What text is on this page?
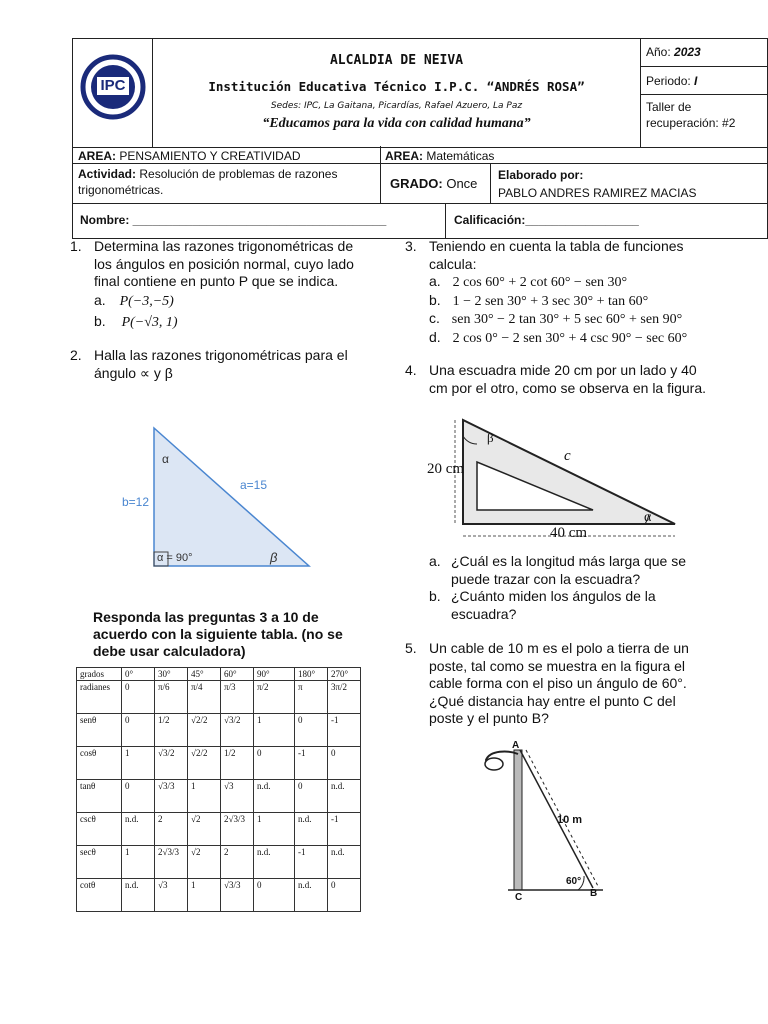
IPC
ALCALDIA DE NEIVA
Institución Educativa Técnico I.P.C. “ANDRÉS ROSA”
Sedes: IPC, La Gaitana, Picardías, Rafael Azuero, La Paz
“Educamos para la vida con calidad humana”
Año: 2023
Periodo: I
Taller de recuperación: #2
AREA: PENSAMIENTO Y CREATIVIDAD	AREA: Matemáticas
Actividad: Resolución de problemas de razones
trigonométricas.	GRADO: Once
Elaborado por:
PABLO ANDRES RAMIREZ MACIAS
Nombre: ______________________________________	Calificación:_________________
1. Determina las razones trigonométricas de
los ángulos en posición normal, cuyo lado
final contiene en punto P que se indica.
a. P(−3,−5)
b. P(−√3, 1)
2. Halla las razones trigonométricas para el
ángulo ∝ y β
α
a=15
b=12
α = 90°	β
Responda las preguntas 3 a 10 de
acuerdo con la siguiente tabla. (no se
debe usar calculadora)
grados	0°	30°	45°	60°	90°	180°	270°
radianes	0	π/6	π/4	π/3	π/2	π	3π/2
senθ	0	1/2	√2/2	√3/2	1	0	-1
cosθ	1	√3/2	√2/2	1/2	0	-1	0
tanθ	0	√3/3	1	√3	n.d.	0	n.d.
cscθ	n.d.	2	√2	2√3/3	1	n.d.	-1
secθ	1	2√3/3	√2	2	n.d.	-1	n.d.
cotθ	n.d.	√3	1	√3/3	0	n.d.	0
3. Teniendo en cuenta la tabla de funciones
calcula:
a. 2 cos 60° + 2 cot 60° − sen 30°
b. 1 − 2 sen 30° + 3 sec 30° + tan 60°
c. sen 30° − 2 tan 30° + 5 sec 60° + sen 90°
d. 2 cos 0° − 2 sen 30° + 4 csc 90° − sec 60°
4. Una escuadra mide 20 cm por un lado y 40
cm por el otro, como se observa en la figura.
20 cm
40 cm
c
β
α
a. ¿Cuál es la longitud más larga que se
puede trazar con la escuadra?
b. ¿Cuánto miden los ángulos de la
escuadra?
5. Un cable de 10 m es el polo a tierra de un
poste, tal como se muestra en la figura el
cable forma con el piso un ángulo de 60°.
¿Qué distancia hay entre el punto C del
poste y el punto B?
A
B
C
10 m
60°
